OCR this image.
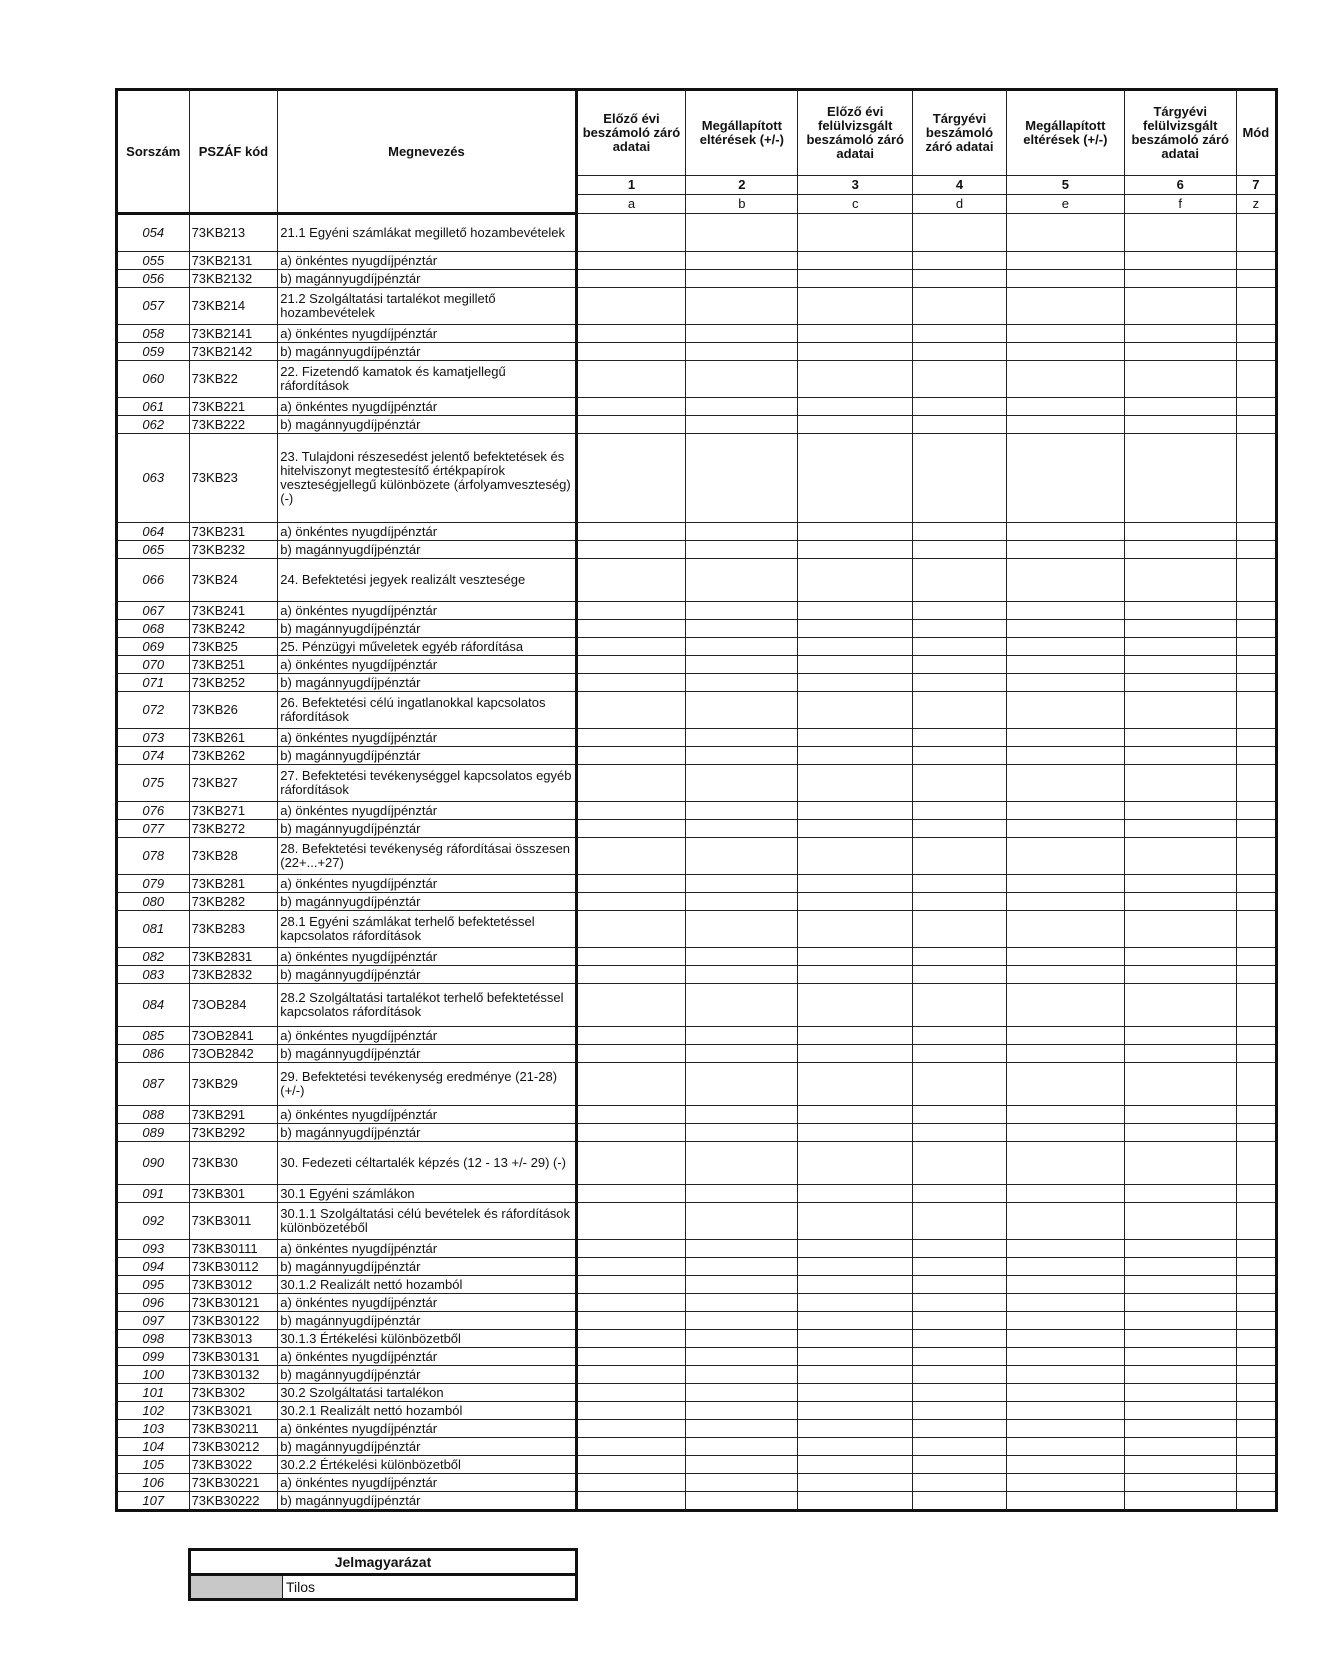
Sorszám	PSZÁF kód	Megnevezés	Előző évi beszámoló záró adatai	Megállapított eltérések (+/-)	Előző évi felülvizsgált beszámoló záró adatai	Tárgyévi beszámoló záró adatai	Megállapított eltérések (+/-)	Tárgyévi felülvizsgált beszámoló záró adatai	Mód
			1	2	3	4	5	6	7
			a	b	c	d	e	f	z
054	73KB213	21.1 Egyéni számlákat megillető hozambevételek							
055	73KB2131	a) önkéntes nyugdíjpénztár							
056	73KB2132	b) magánnyugdíjpénztár							
057	73KB214	21.2 Szolgáltatási tartalékot megillető hozambevételek							
058	73KB2141	a) önkéntes nyugdíjpénztár							
059	73KB2142	b) magánnyugdíjpénztár							
060	73KB22	22. Fizetendő kamatok és kamatjellegű ráfordítások							
061	73KB221	a) önkéntes nyugdíjpénztár							
062	73KB222	b) magánnyugdíjpénztár							
063	73KB23	23. Tulajdoni részesedést jelentő befektetések és hitelviszonyt megtestesítő értékpapírok veszteségjellegű különbözete (árfolyamveszteség) (-)							
064	73KB231	a) önkéntes nyugdíjpénztár							
065	73KB232	b) magánnyugdíjpénztár							
066	73KB24	24. Befektetési jegyek realizált vesztesége							
067	73KB241	a) önkéntes nyugdíjpénztár							
068	73KB242	b) magánnyugdíjpénztár							
069	73KB25	25. Pénzügyi műveletek egyéb ráfordítása							
070	73KB251	a) önkéntes nyugdíjpénztár							
071	73KB252	b) magánnyugdíjpénztár							
072	73KB26	26. Befektetési célú ingatlanokkal kapcsolatos ráfordítások							
073	73KB261	a) önkéntes nyugdíjpénztár							
074	73KB262	b) magánnyugdíjpénztár							
075	73KB27	27. Befektetési tevékenységgel kapcsolatos egyéb ráfordítások							
076	73KB271	a) önkéntes nyugdíjpénztár							
077	73KB272	b) magánnyugdíjpénztár							
078	73KB28	28. Befektetési tevékenység ráfordításai összesen (22+...+27)							
079	73KB281	a) önkéntes nyugdíjpénztár							
080	73KB282	b) magánnyugdíjpénztár							
081	73KB283	28.1 Egyéni számlákat terhelő befektetéssel kapcsolatos ráfordítások							
082	73KB2831	a) önkéntes nyugdíjpénztár							
083	73KB2832	b) magánnyugdíjpénztár							
084	73OB284	28.2 Szolgáltatási tartalékot terhelő befektetéssel kapcsolatos ráfordítások							
085	73OB2841	a) önkéntes nyugdíjpénztár							
086	73OB2842	b) magánnyugdíjpénztár							
087	73KB29	29. Befektetési tevékenység eredménye (21-28) (+/-)							
088	73KB291	a) önkéntes nyugdíjpénztár							
089	73KB292	b) magánnyugdíjpénztár							
090	73KB30	30. Fedezeti céltartalék képzés (12 - 13 +/- 29) (-)							
091	73KB301	30.1 Egyéni számlákon							
092	73KB3011	30.1.1 Szolgáltatási célú bevételek és ráfordítások különbözetéből							
093	73KB30111	a) önkéntes nyugdíjpénztár							
094	73KB30112	b) magánnyugdíjpénztár							
095	73KB3012	30.1.2 Realizált nettó hozamból							
096	73KB30121	a) önkéntes nyugdíjpénztár							
097	73KB30122	b) magánnyugdíjpénztár							
098	73KB3013	30.1.3 Értékelési különbözetből							
099	73KB30131	a) önkéntes nyugdíjpénztár							
100	73KB30132	b) magánnyugdíjpénztár							
101	73KB302	30.2 Szolgáltatási tartalékon							
102	73KB3021	30.2.1 Realizált nettó hozamból							
103	73KB30211	a) önkéntes nyugdíjpénztár							
104	73KB30212	b) magánnyugdíjpénztár							
105	73KB3022	30.2.2 Értékelési különbözetből							
106	73KB30221	a) önkéntes nyugdíjpénztár							
107	73KB30222	b) magánnyugdíjpénztár							
Jelmagyarázat
	Tilos
